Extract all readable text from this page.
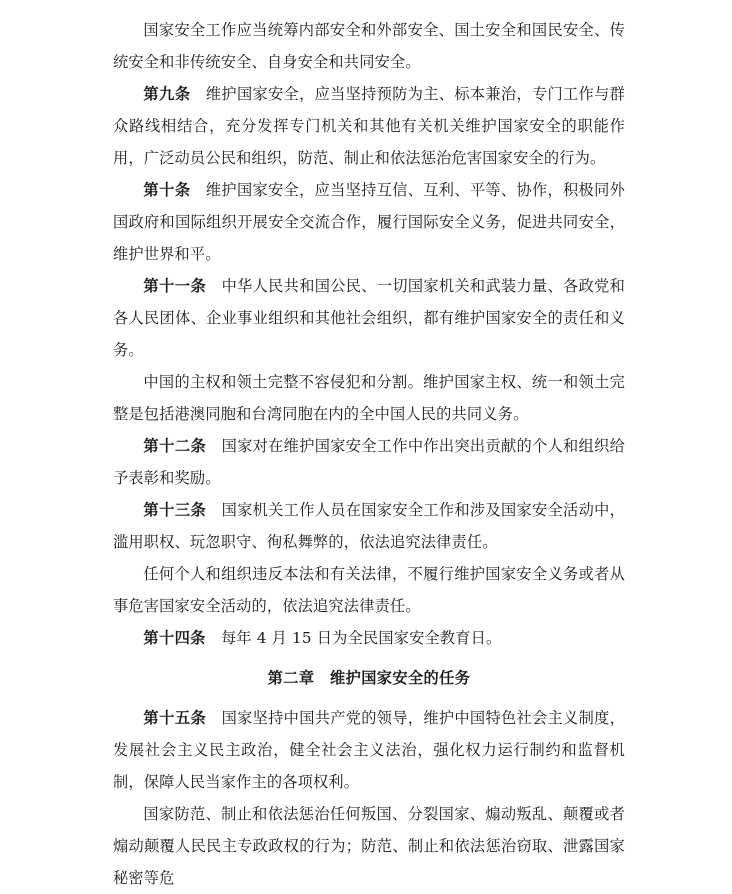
国家安全工作应当统筹内部安全和外部安全、国土安全和国民安全、传统安全和非传统安全、自身安全和共同安全。

第九条 维护国家安全，应当坚持预防为主、标本兼治，专门工作与群众路线相结合，充分发挥专门机关和其他有关机关维护国家安全的职能作用，广泛动员公民和组织，防范、制止和依法惩治危害国家安全的行为。

第十条 维护国家安全，应当坚持互信、互利、平等、协作，积极同外国政府和国际组织开展安全交流合作，履行国际安全义务，促进共同安全，维护世界和平。

第十一条 中华人民共和国公民、一切国家机关和武装力量、各政党和各人民团体、企业事业组织和其他社会组织，都有维护国家安全的责任和义务。

中国的主权和领土完整不容侵犯和分割。维护国家主权、统一和领土完整是包括港澳同胞和台湾同胞在内的全中国人民的共同义务。

第十二条 国家对在维护国家安全工作中作出突出贡献的个人和组织给予表彰和奖励。

第十三条 国家机关工作人员在国家安全工作和涉及国家安全活动中，滥用职权、玩忽职守、徇私舞弊的，依法追究法律责任。

任何个人和组织违反本法和有关法律，不履行维护国家安全义务或者从事危害国家安全活动的，依法追究法律责任。

第十四条 每年 4 月 15 日为全民国家安全教育日。

第二章　维护国家安全的任务

第十五条 国家坚持中国共产党的领导，维护中国特色社会主义制度，发展社会主义民主政治，健全社会主义法治，强化权力运行制约和监督机制，保障人民当家作主的各项权利。

国家防范、制止和依法惩治任何叛国、分裂国家、煽动叛乱、颠覆或者煽动颠覆人民民主专政政权的行为；防范、制止和依法惩治窃取、泄露国家秘密等危
